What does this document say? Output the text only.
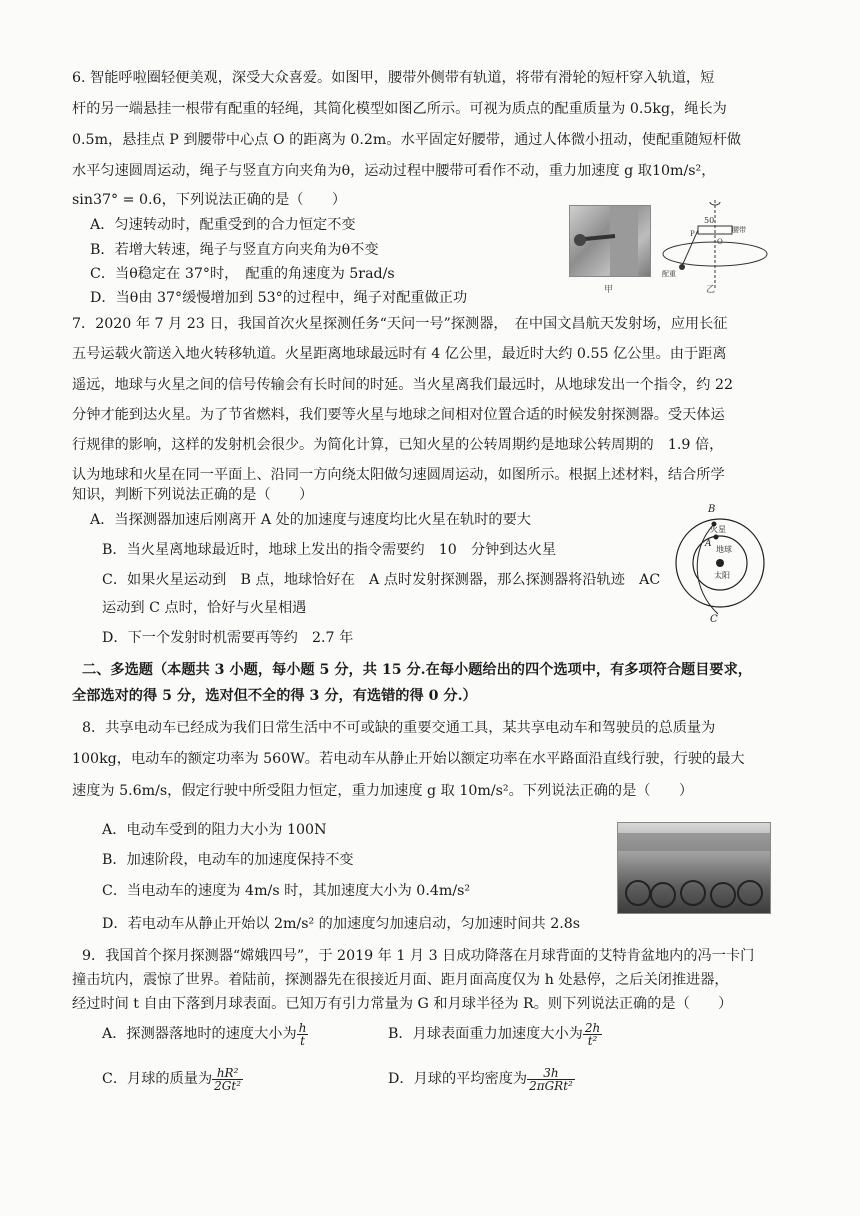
6. 智能呼啦圈轻便美观，深受大众喜爱。如图甲，腰带外侧带有轨道，将带有滑轮的短杆穿入轨道，短
杆的另一端悬挂一根带有配重的轻绳，其简化模型如图乙所示。可视为质点的配重质量为 0.5kg，绳长为
0.5m，悬挂点 P 到腰带中心点 O 的距离为 0.2m。水平固定好腰带，通过人体微小扭动，使配重随短杆做
水平匀速圆周运动，绳子与竖直方向夹角为θ，运动过程中腰带可看作不动，重力加速度 g 取10m/s²，
sin37° = 0.6，下列说法正确的是（　　）
A．匀速转动时，配重受到的合力恒定不变
B．若增大转速，绳子与竖直方向夹角为θ不变
C．当θ稳定在 37°时，　配重的角速度为 5rad/s
D．当θ由 37°缓慢增加到 53°的过程中，绳子对配重做正功	甲
50
腰带
P
O
配重
乙
7．2020 年 7 月 23 日，我国首次火星探测任务“天问一号”探测器，　在中国文昌航天发射场，应用长征
五号运载火箭送入地火转移轨道。火星距离地球最远时有 4 亿公里，最近时大约 0.55 亿公里。由于距离
遥远，地球与火星之间的信号传输会有长时间的时延。当火星离我们最远时，从地球发出一个指令，约 22
分钟才能到达火星。为了节省燃料，我们要等火星与地球之间相对位置合适的时候发射探测器。受天体运
行规律的影响，这样的发射机会很少。为简化计算，已知火星的公转周期约是地球公转周期的　1.9 倍，
认为地球和火星在同一平面上、沿同一方向绕太阳做匀速圆周运动，如图所示。根据上述材料，结合所学
知识，判断下列说法正确的是（　　）
A．当探测器加速后刚离开 A 处的加速度与速度均比火星在轨时的要大
B．当火星离地球最近时，地球上发出的指令需要约　10　分钟到达火星
C．如果火星运动到　B 点，地球恰好在　A 点时发射探测器，那么探测器将沿轨迹　AC
运动到 C 点时，恰好与火星相遇
D．下一个发射时机需要再等约　2.7 年
B
火星
A
地球
太阳
C
二、多选题（本题共 3 小题，每小题 5 分，共 15 分.在每小题给出的四个选项中，有多项符合题目要求，
全部选对的得 5 分，选对但不全的得 3 分，有选错的得 0 分.）
8．共享电动车已经成为我们日常生活中不可或缺的重要交通工具，某共享电动车和驾驶员的总质量为
100kg，电动车的额定功率为 560W。若电动车从静止开始以额定功率在水平路面沿直线行驶，行驶的最大
速度为 5.6m/s，假定行驶中所受阻力恒定，重力加速度 g 取 10m/s²。下列说法正确的是（　　）
A．电动车受到的阻力大小为 100N
B．加速阶段，电动车的加速度保持不变
C．当电动车的速度为 4m/s 时，其加速度大小为 0.4m/s²
D．若电动车从静止开始以 2m/s² 的加速度匀加速启动，匀加速时间共 2.8s
9．我国首个探月探测器“嫦娥四号”，于 2019 年 1 月 3 日成功降落在月球背面的艾特肯盆地内的冯一卡门
撞击坑内，震惊了世界。着陆前，探测器先在很接近月面、距月面高度仅为 h 处悬停，之后关闭推进器，
经过时间 t 自由下落到月球表面。已知万有引力常量为 G 和月球半径为 R。则下列说法正确的是（　　）
A．探测器落地时的速度大小为 $\frac{h}{t}$	B．月球表面重力加速度大小为 $\frac{2h}{\text{t²}}$
C．月球的质量为 $\frac{\text{hR²}}{\text{2Gt²}}$	D．月球的平均密度为 $\frac{3h}{\text{2πGRt²}}$
